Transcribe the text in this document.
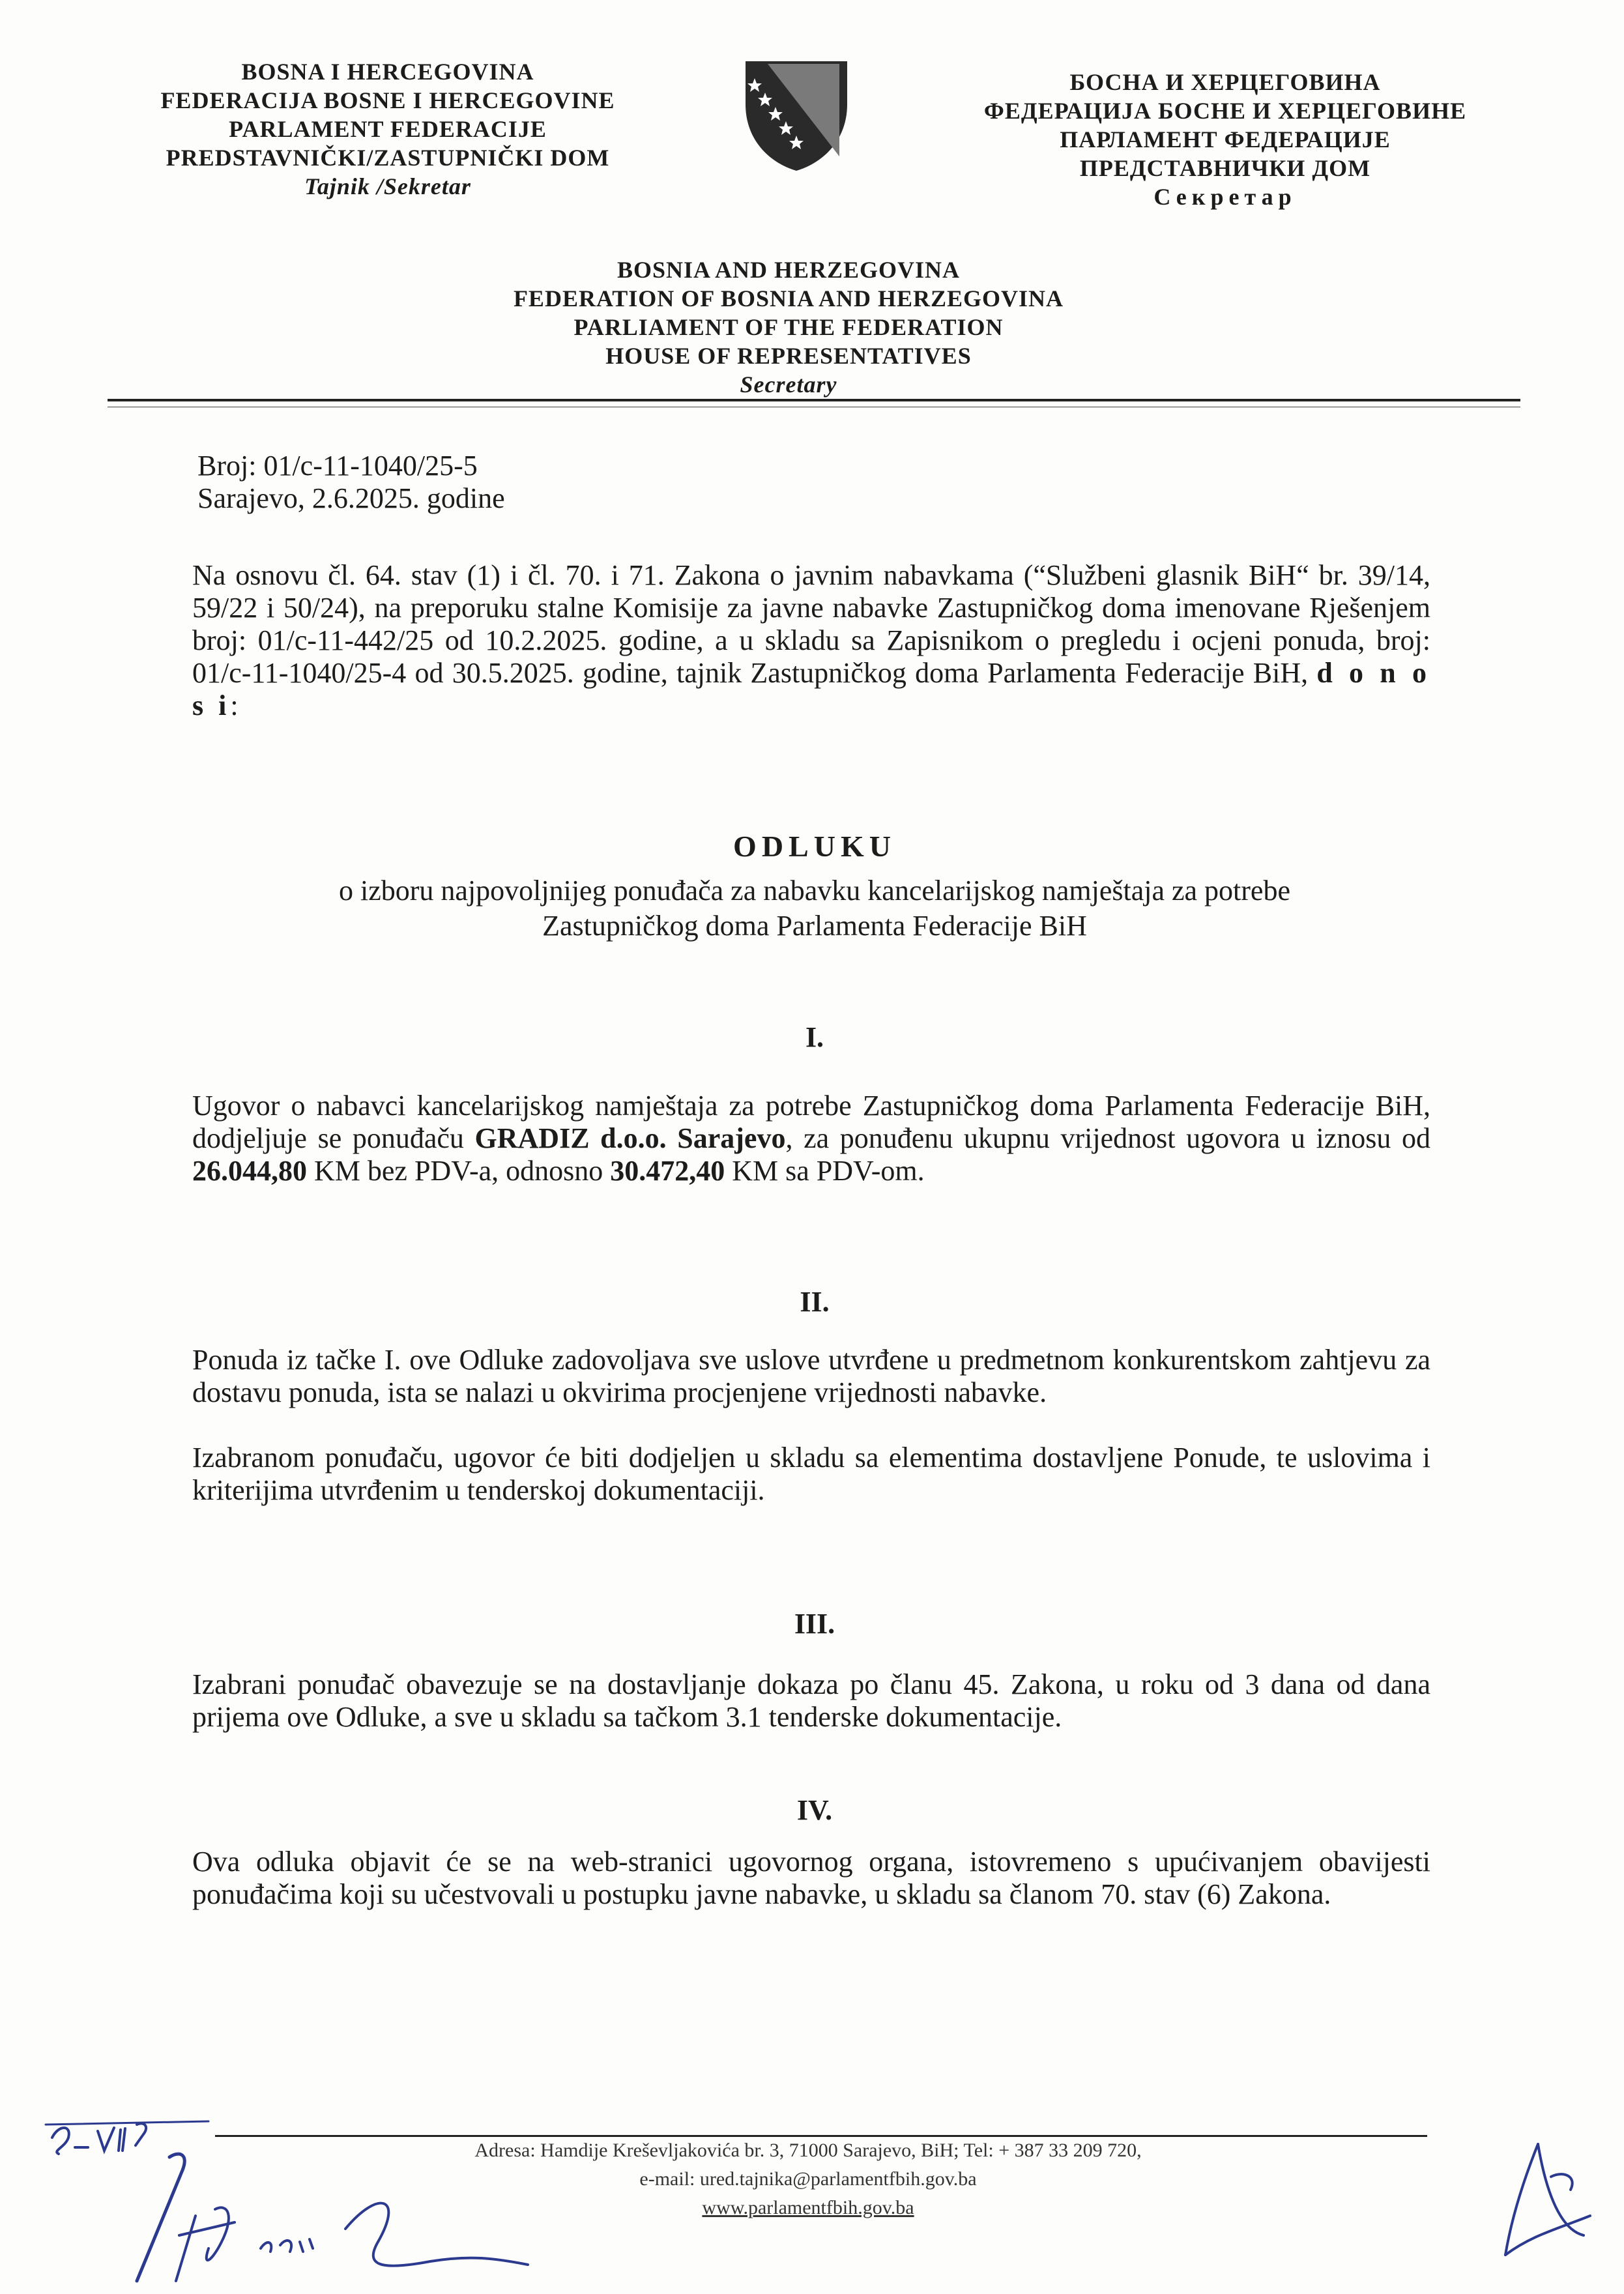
BOSNA I HERCEGOVINA
FEDERACIJA BOSNE I HERCEGOVINE
PARLAMENT FEDERACIJE
PREDSTAVNIČKI/ZASTUPNIČKI DOM
Tajnik /Sekretar
БОСНА И ХЕРЦЕГОВИНА
ФЕДЕРАЦИЈА БОСНЕ И ХЕРЦЕГОВИНЕ
ПАРЛАМЕНТ ФЕДЕРАЦИЈЕ
ПРЕДСТАВНИЧКИ ДОМ
Секретар
BOSNIA AND HERZEGOVINA
FEDERATION OF BOSNIA AND HERZEGOVINA
PARLIAMENT OF THE FEDERATION
HOUSE OF REPRESENTATIVES
Secretary
Broj: 01/c-11-1040/25-5
Sarajevo, 2.6.2025. godine
Na osnovu čl. 64. stav (1) i čl. 70. i 71. Zakona o javnim nabavkama (“Službeni glasnik BiH“ br. 39/14, 59/22 i 50/24), na preporuku stalne Komisije za javne nabavke Zastupničkog doma imenovane Rješenjem broj: 01/c-11-442/25 od 10.2.2025. godine, a u skladu sa Zapisnikom o pregledu i ocjeni ponuda, broj: 01/c-11-1040/25-4 od 30.5.2025. godine, tajnik Zastupničkog doma Parlamenta Federacije BiH, d o n o s i:
ODLUKU
o izboru najpovoljnijeg ponuđača za nabavku kancelarijskog namještaja za potrebe
Zastupničkog doma Parlamenta Federacije BiH
I.
Ugovor o nabavci kancelarijskog namještaja za potrebe Zastupničkog doma Parlamenta Federacije BiH, dodjeljuje se ponuđaču GRADIZ d.o.o. Sarajevo, za ponuđenu ukupnu vrijednost ugovora u iznosu od 26.044,80 KM bez PDV-a, odnosno 30.472,40 KM sa PDV-om.
II.
Ponuda iz tačke I. ove Odluke zadovoljava sve uslove utvrđene u predmetnom konkurentskom zahtjevu za dostavu ponuda, ista se nalazi u okvirima procjenjene vrijednosti nabavke.
Izabranom ponuđaču, ugovor će biti dodjeljen u skladu sa elementima dostavljene Ponude, te uslovima i kriterijima utvrđenim u tenderskoj dokumentaciji.
III.
Izabrani ponuđač obavezuje se na dostavljanje dokaza po članu 45. Zakona, u roku od 3 dana od dana prijema ove Odluke, a sve u skladu sa tačkom 3.1 tenderske dokumentacije.
IV.
Ova odluka objavit će se na web-stranici ugovornog organa, istovremeno s upućivanjem obavijesti ponuđačima koji su učestvovali u postupku javne nabavke, u skladu sa članom 70. stav (6) Zakona.
Adresa: Hamdije Kreševljakovića br. 3, 71000 Sarajevo, BiH; Tel: + 387 33 209 720,
e-mail: ured.tajnika@parlamentfbih.gov.ba
www.parlamentfbih.gov.ba
